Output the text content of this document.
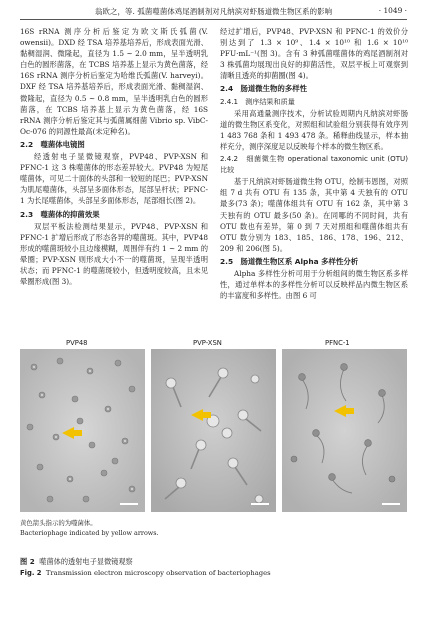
翁欧之，等. 弧菌噬菌体鸡尾酒制剂对凡纳滨对虾肠道微生物区系的影响	· 1049 ·

16S rRNA 测序分析后鉴定为欧文斯氏弧菌(V. owensii)。DXD 经 TSA 培养基培养后，形成表面光滑、黏稠湿润、微隆起，直径为 1.5 ~ 2.0 mm，呈半透明乳白色的圆形菌落，在 TCBS 培养基上显示为黄色菌落，经 16S rRNA 测序分析后鉴定为哈维氏弧菌(V. harveyi)。DXF 经 TSA 培养基培养后，形成表面光滑、黏稠湿润、微隆起，直径为 0.5 ~ 0.8 mm，呈半透明乳白色的圆形菌落，在 TCBS 培养基上显示为黄色菌落，经 16S rRNA 测序分析后鉴定其与弧菌属细菌 Vibrio sp. VibC-Oc-076 的同源性最高(未定种名)。

2.2　噬菌体电镜图

经透射电子显微镜观察，PVP48、PVP-XSN 和 PFNC-1 这 3 株噬菌体的形态差异较大。PVP48 为短尾噬菌体，可见二十面体的头部和一较短的尾巴；PVP-XSN 为肌尾噬菌体，头部呈多面体形态，尾部呈杆状；PFNC-1 为长尾噬菌体，头部呈多面体形态，尾部细长(图 2)。

2.3　噬菌体的抑菌效果

双层平板法检测结果显示，PVP48、PVP-XSN 和 PFNC-1 扩增后形成了形态各异的噬菌斑。其中，PVP48 形成的噬菌斑较小且边缘模糊，周围伴有约 1 ~ 2 mm 的晕圈；PVP-XSN 则形成大小不一的噬菌斑，呈现半透明状态；而 PFNC-1 的噬菌斑较小，但透明度较高，且未见晕圈形成(图 3)。

经过扩增后，PVP48、PVP-XSN 和 PFNC-1 的效价分别达到了 1.3 × 10⁹、1.4 × 10¹⁰ 和 1.6 × 10¹⁰ PFU·mL⁻¹(图 3)。含有 3 种弧菌噬菌体的鸡尾酒制剂对 3 株弧菌均展现出良好的抑菌活性，双层平板上可观察到清晰且透亮的抑菌圈(图 4)。

2.4　肠道微生物的多样性

2.4.1　测序结果和质量

采用高通量测序技术，分析试验周期内凡纳滨对虾肠道的微生物区系变化，对照组和试验组分别获得有效序列 1 483 768 条和 1 493 478 条。稀释曲线显示，样本抽样充分，测序深度足以反映每个样本的微生物区系。

2.4.2　细菌微生物 operational taxonomic unit (OTU)比较

基于凡纳滨对虾肠道微生物 OTU，绘制韦恩图，对照组 7 d 共有 OTU 有 135 条，其中第 4 天独有的 OTU 最多(73 条)；噬菌体组共有 OTU 有 162 条，其中第 3 天独有的 OTU 最多(50 条)。在同哪的不同时间，共有 OTU 数也有差异，第 0 到 7 天对照组和噬菌体组共有 OTU 数分别为 183、185、186、178、196、212、209 和 206(图 5)。

2.5　肠道微生物区系 Alpha 多样性分析

Alpha 多样性分析可用于分析组间的微生物区系多样性，通过单样本的多样性分析可以反映样品内微生物区系的丰富度和多样性。由图 6 可

PVP48	PVP-XSN	PFNC-1
黄色箭头指示的为噬菌体。
Bacteriophage indicated by yellow arrows.
图 2 噬菌体的透射电子显微镜观察
Fig. 2 Transmission electron microscopy observation of bacteriophages
